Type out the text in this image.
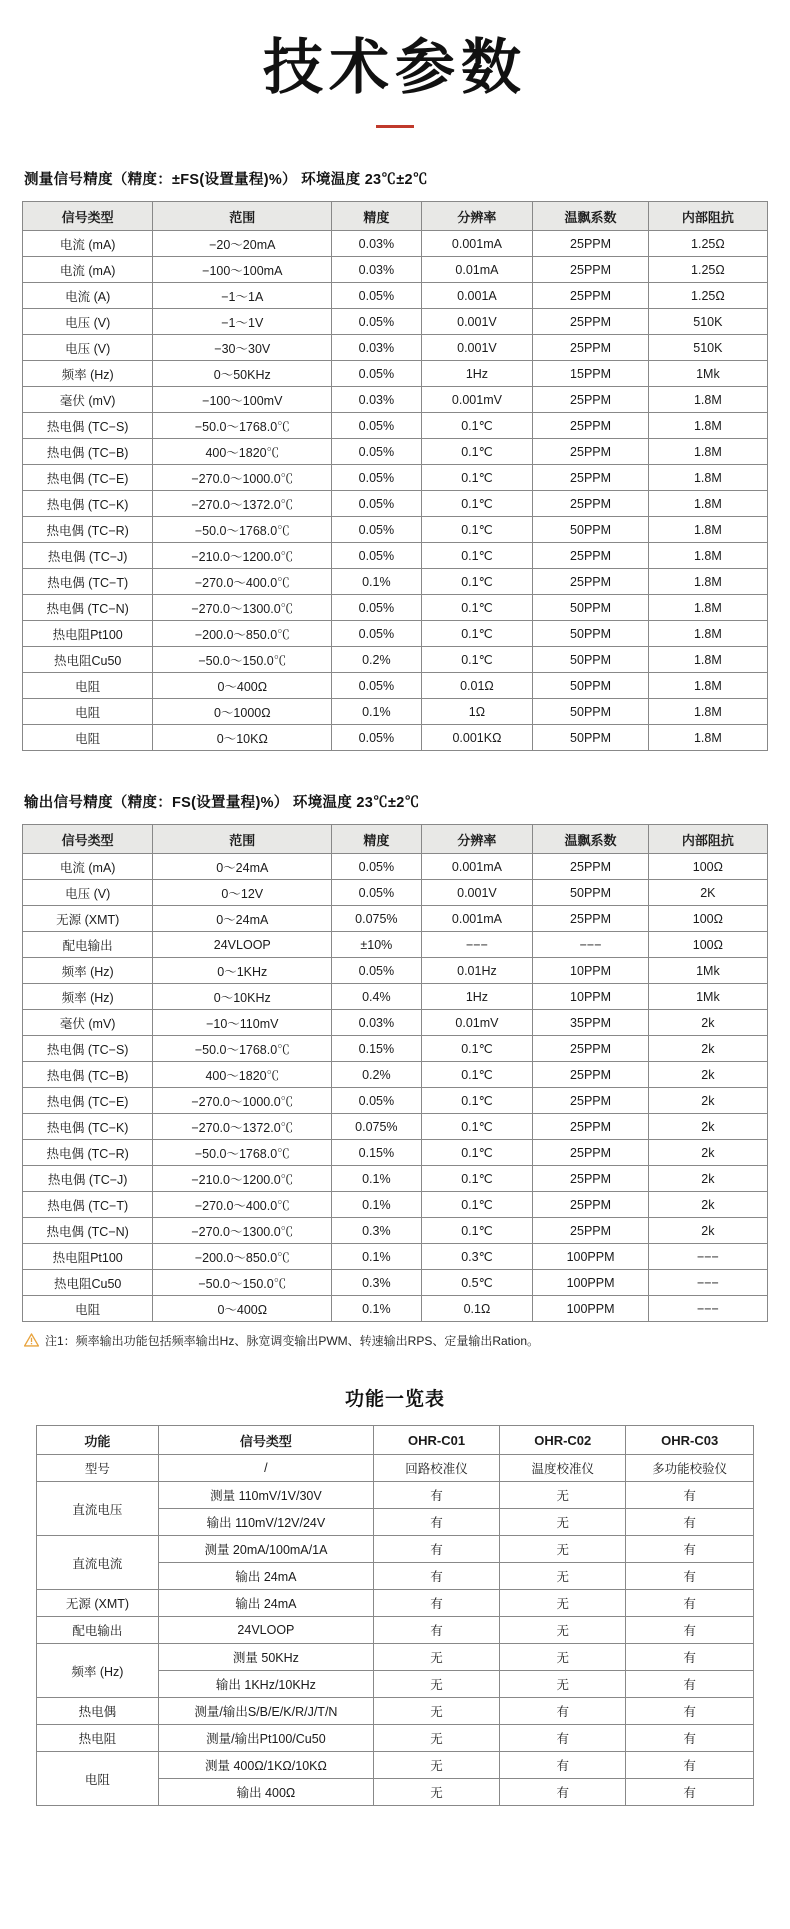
技术参数
测量信号精度（精度：±FS(设置量程)%） 环境温度 23℃±2℃
信号类型	范围	精度	分辨率	温飘系数	内部阻抗
电流 (mA)	−20〜20mA	0.03%	0.001mA	25PPM	1.25Ω
电流 (mA)	−100〜100mA	0.03%	0.01mA	25PPM	1.25Ω
电流 (A)	−1〜1A	0.05%	0.001A	25PPM	1.25Ω
电压 (V)	−1〜1V	0.05%	0.001V	25PPM	510K
电压 (V)	−30〜30V	0.03%	0.001V	25PPM	510K
频率 (Hz)	0〜50KHz	0.05%	1Hz	15PPM	1Mk
毫伏 (mV)	−100〜100mV	0.03%	0.001mV	25PPM	1.8M
热电偶 (TC−S)	−50.0〜1768.0℃	0.05%	0.1℃	25PPM	1.8M
热电偶 (TC−B)	400〜1820℃	0.05%	0.1℃	25PPM	1.8M
热电偶 (TC−E)	−270.0〜1000.0℃	0.05%	0.1℃	25PPM	1.8M
热电偶 (TC−K)	−270.0〜1372.0℃	0.05%	0.1℃	25PPM	1.8M
热电偶 (TC−R)	−50.0〜1768.0℃	0.05%	0.1℃	50PPM	1.8M
热电偶 (TC−J)	−210.0〜1200.0℃	0.05%	0.1℃	25PPM	1.8M
热电偶 (TC−T)	−270.0〜400.0℃	0.1%	0.1℃	25PPM	1.8M
热电偶 (TC−N)	−270.0〜1300.0℃	0.05%	0.1℃	50PPM	1.8M
热电阻Pt100	−200.0〜850.0℃	0.05%	0.1℃	50PPM	1.8M
热电阻Cu50	−50.0〜150.0℃	0.2%	0.1℃	50PPM	1.8M
电阻	0〜400Ω	0.05%	0.01Ω	50PPM	1.8M
电阻	0〜1000Ω	0.1%	1Ω	50PPM	1.8M
电阻	0〜10KΩ	0.05%	0.001KΩ	50PPM	1.8M
输出信号精度（精度：FS(设置量程)%） 环境温度 23℃±2℃
信号类型	范围	精度	分辨率	温飘系数	内部阻抗
电流 (mA)	0〜24mA	0.05%	0.001mA	25PPM	100Ω
电压 (V)	0〜12V	0.05%	0.001V	50PPM	2K
无源 (XMT)	0〜24mA	0.075%	0.001mA	25PPM	100Ω
配电输出	24VLOOP	±10%	−−−	−−−	100Ω
频率 (Hz)	0〜1KHz	0.05%	0.01Hz	10PPM	1Mk
频率 (Hz)	0〜10KHz	0.4%	1Hz	10PPM	1Mk
毫伏 (mV)	−10〜110mV	0.03%	0.01mV	35PPM	2k
热电偶 (TC−S)	−50.0〜1768.0℃	0.15%	0.1℃	25PPM	2k
热电偶 (TC−B)	400〜1820℃	0.2%	0.1℃	25PPM	2k
热电偶 (TC−E)	−270.0〜1000.0℃	0.05%	0.1℃	25PPM	2k
热电偶 (TC−K)	−270.0〜1372.0℃	0.075%	0.1℃	25PPM	2k
热电偶 (TC−R)	−50.0〜1768.0℃	0.15%	0.1℃	25PPM	2k
热电偶 (TC−J)	−210.0〜1200.0℃	0.1%	0.1℃	25PPM	2k
热电偶 (TC−T)	−270.0〜400.0℃	0.1%	0.1℃	25PPM	2k
热电偶 (TC−N)	−270.0〜1300.0℃	0.3%	0.1℃	25PPM	2k
热电阻Pt100	−200.0〜850.0℃	0.1%	0.3℃	100PPM	−−−
热电阻Cu50	−50.0〜150.0℃	0.3%	0.5℃	100PPM	−−−
电阻	0〜400Ω	0.1%	0.1Ω	100PPM	−−−
注1：频率输出功能包括频率输出Hz、脉宽调变输出PWM、转速输出RPS、定量输出Ration。
功能一览表
功能	信号类型	OHR-C01	OHR-C02	OHR-C03
型号	/	回路校准仪	温度校准仪	多功能校验仪
直流电压	测量 110mV/1V/30V	有	无	有
	输出 110mV/12V/24V	有	无	有
直流电流	测量 20mA/100mA/1A	有	无	有
	输出 24mA	有	无	有
无源 (XMT)	输出 24mA	有	无	有
配电输出	24VLOOP	有	无	有
频率 (Hz)	测量 50KHz	无	无	有
	输出 1KHz/10KHz	无	无	有
热电偶	测量/输出S/B/E/K/R/J/T/N	无	有	有
热电阻	测量/输出Pt100/Cu50	无	有	有
电阻	测量 400Ω/1KΩ/10KΩ	无	有	有
	输出 400Ω	无	有	有
